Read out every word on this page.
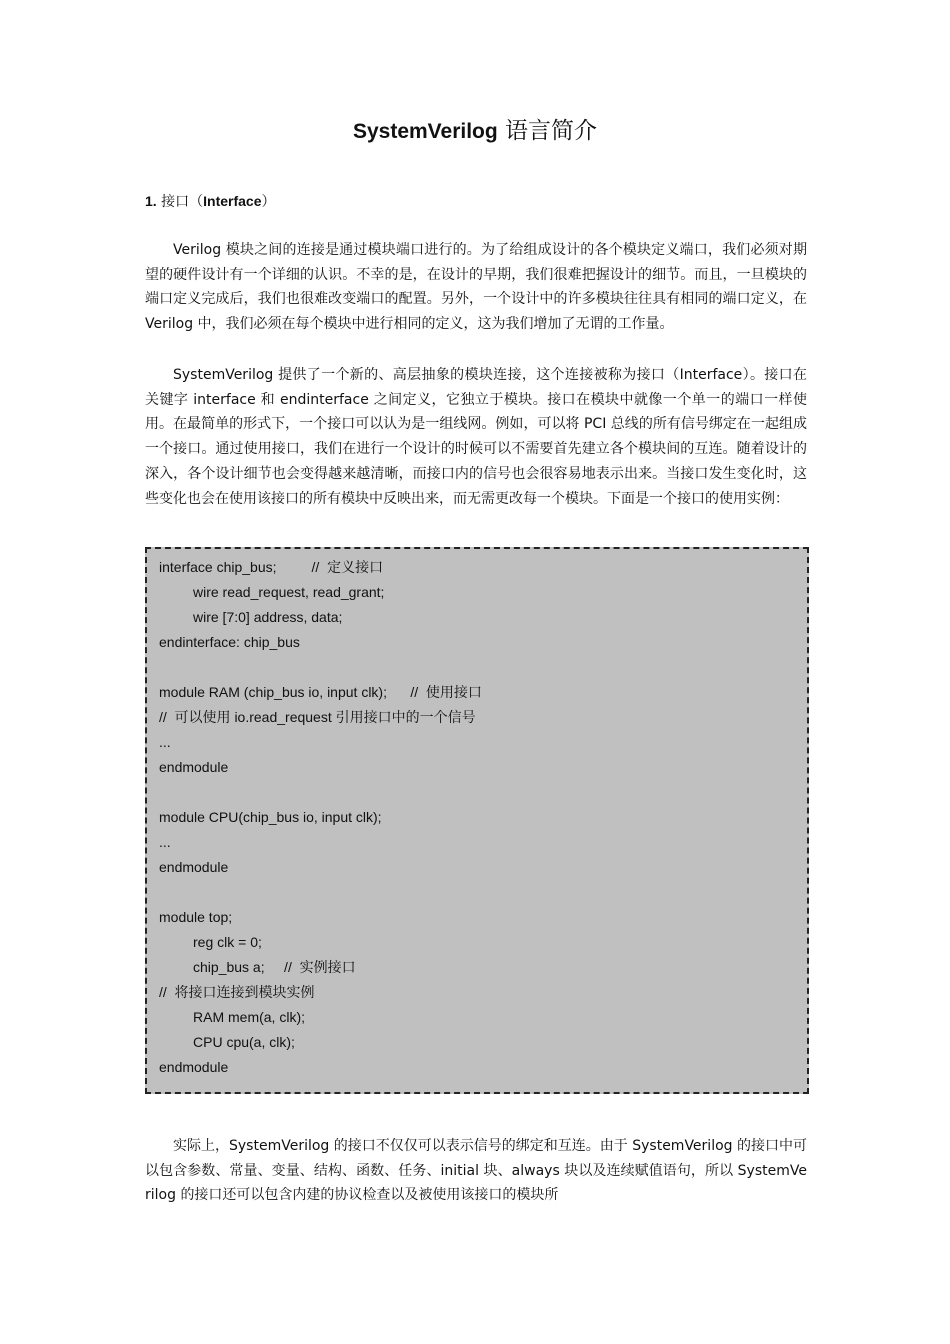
SystemVerilog 语言简介
1. 接口（Interface）

Verilog 模块之间的连接是通过模块端口进行的。为了给组成设计的各个模块定义端口，我们必须对期望的硬件设计有一个详细的认识。不幸的是，在设计的早期，我们很难把握设计的细节。而且，一旦模块的端口定义完成后，我们也很难改变端口的配置。另外，一个设计中的许多模块往往具有相同的端口定义，在 Verilog 中，我们必须在每个模块中进行相同的定义，这为我们增加了无谓的工作量。

SystemVerilog 提供了一个新的、高层抽象的模块连接，这个连接被称为接口（Interface）。接口在关键字 interface 和 endinterface 之间定义，它独立于模块。接口在模块中就像一个单一的端口一样使用。在最简单的形式下，一个接口可以认为是一组线网。例如，可以将 PCI 总线的所有信号绑定在一起组成一个接口。通过使用接口，我们在进行一个设计的时候可以不需要首先建立各个模块间的互连。随着设计的深入，各个设计细节也会变得越来越清晰，而接口内的信号也会很容易地表示出来。当接口发生变化时，这些变化也会在使用该接口的所有模块中反映出来，而无需更改每一个模块。下面是一个接口的使用实例：

interface chip_bus;         //  定义接口
wire read_request, read_grant;
wire [7:0] address, data;
endinterface: chip_bus
module RAM (chip_bus io, input clk);      //  使用接口
//  可以使用 io.read_request 引用接口中的一个信号
...
endmodule
module CPU(chip_bus io, input clk);
...
endmodule
module top;
reg clk = 0;
chip_bus a;     //  实例接口
//  将接口连接到模块实例
RAM mem(a, clk);
CPU cpu(a, clk);
endmodule

实际上，SystemVerilog 的接口不仅仅可以表示信号的绑定和互连。由于 SystemVerilog 的接口中可以包含参数、常量、变量、结构、函数、任务、initial 块、always 块以及连续赋值语句，所以 SystemVerilog 的接口还可以包含内建的协议检查以及被使用该接口的模块所
